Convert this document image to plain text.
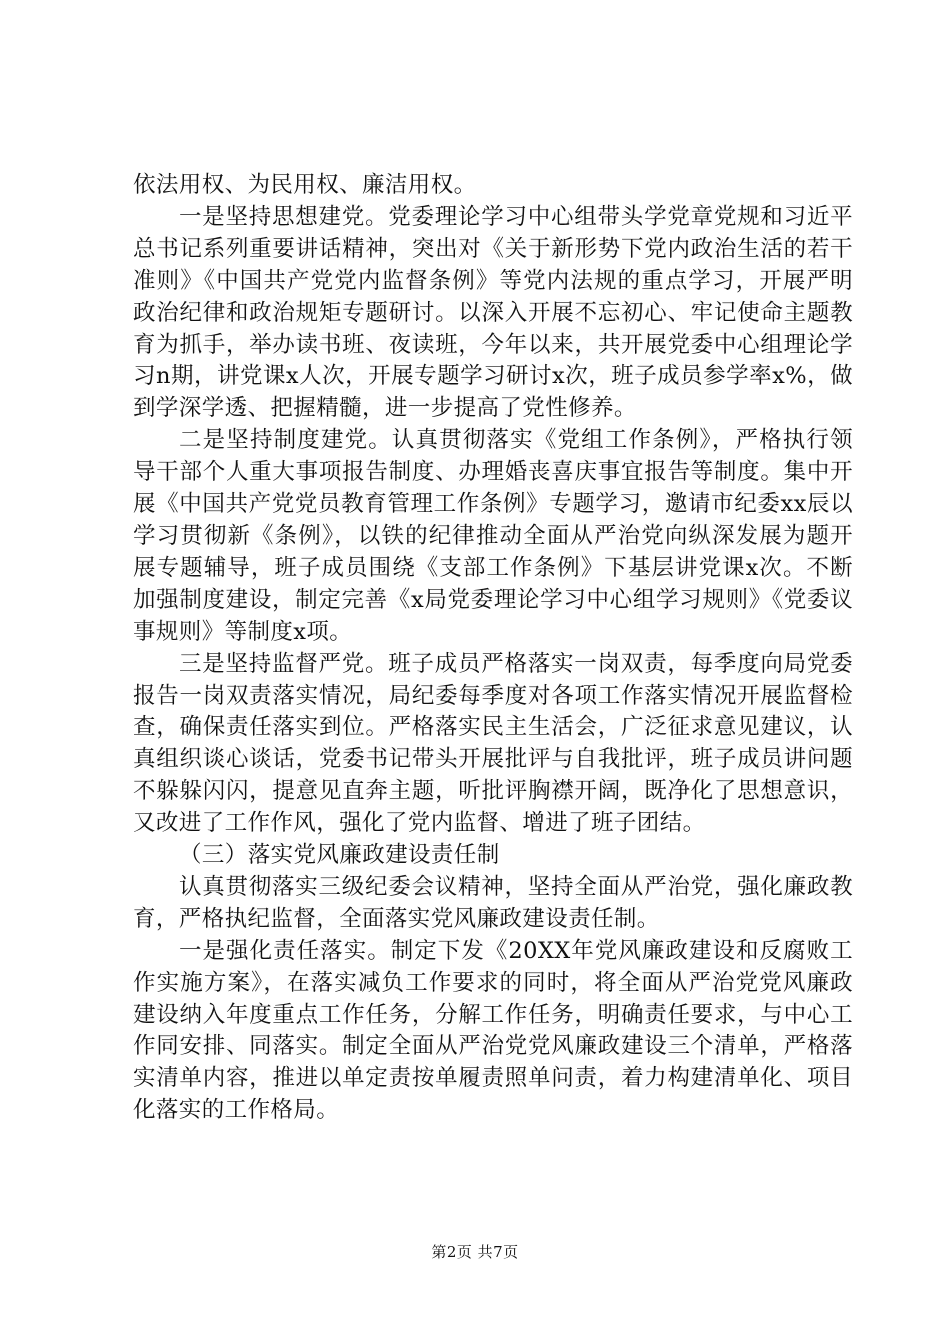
依法用权、为民用权、廉洁用权。

一是坚持思想建党。党委理论学习中心组带头学党章党规和习近平总书记系列重要讲话精神，突出对《关于新形势下党内政治生活的若干准则》《中国共产党党内监督条例》等党内法规的重点学习，开展严明政治纪律和政治规矩专题研讨。以深入开展不忘初心、牢记使命主题教育为抓手，举办读书班、夜读班，今年以来，共开展党委中心组理论学习n期，讲党课x人次，开展专题学习研讨x次，班子成员参学率x%，做到学深学透、把握精髓，进一步提高了党性修养。

二是坚持制度建党。认真贯彻落实《党组工作条例》，严格执行领导干部个人重大事项报告制度、办理婚丧喜庆事宜报告等制度。集中开展《中国共产党党员教育管理工作条例》专题学习，邀请市纪委xx辰以学习贯彻新《条例》，以铁的纪律推动全面从严治党向纵深发展为题开展专题辅导，班子成员围绕《支部工作条例》下基层讲党课x次。不断加强制度建设，制定完善《x局党委理论学习中心组学习规则》《党委议事规则》等制度x项。

三是坚持监督严党。班子成员严格落实一岗双责，每季度向局党委报告一岗双责落实情况，局纪委每季度对各项工作落实情况开展监督检查，确保责任落实到位。严格落实民主生活会，广泛征求意见建议，认真组织谈心谈话，党委书记带头开展批评与自我批评，班子成员讲问题不躲躲闪闪，提意见直奔主题，听批评胸襟开阔，既净化了思想意识，又改进了工作作风，强化了党内监督、增进了班子团结。

（三）落实党风廉政建设责任制

认真贯彻落实三级纪委会议精神，坚持全面从严治党，强化廉政教育，严格执纪监督，全面落实党风廉政建设责任制。

一是强化责任落实。制定下发《20XX年党风廉政建设和反腐败工作实施方案》，在落实减负工作要求的同时，将全面从严治党党风廉政建设纳入年度重点工作任务，分解工作任务，明确责任要求，与中心工作同安排、同落实。制定全面从严治党党风廉政建设三个清单，严格落实清单内容，推进以单定责按单履责照单问责，着力构建清单化、项目化落实的工作格局。

第2页 共7页
